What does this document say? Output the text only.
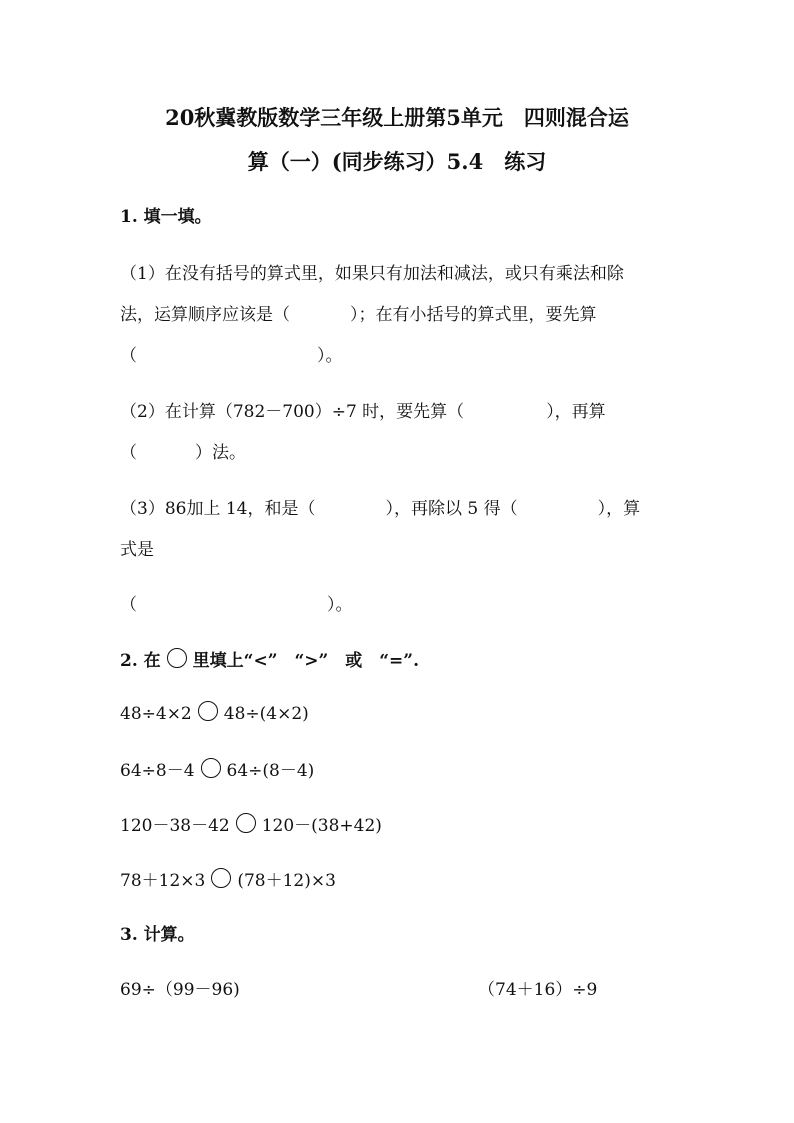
20秋冀教版数学三年级上册第5单元　四则混合运
算（一）(同步练习）5.4　练习
1. 填一填。
（1）在没有括号的算式里，如果只有加法和减法，或只有乘法和除
法，运算顺序应该是（	）；在有小括号的算式里，要先算
（	）。
（2）在计算（782－700）÷7 时，要先算（	），再算
（	）法。
（3）86加上 14，和是（	），再除以 5 得（	），算
式是
（	）。
2. 在 里填上“<”　“>”　或　“=”.
48÷4×2 48÷(4×2)
64÷8－4 64÷(8－4)
120－38－42 120－(38+42)
78＋12×3 (78＋12)×3
3. 计算。
69÷（99－96)	（74＋16）÷9
